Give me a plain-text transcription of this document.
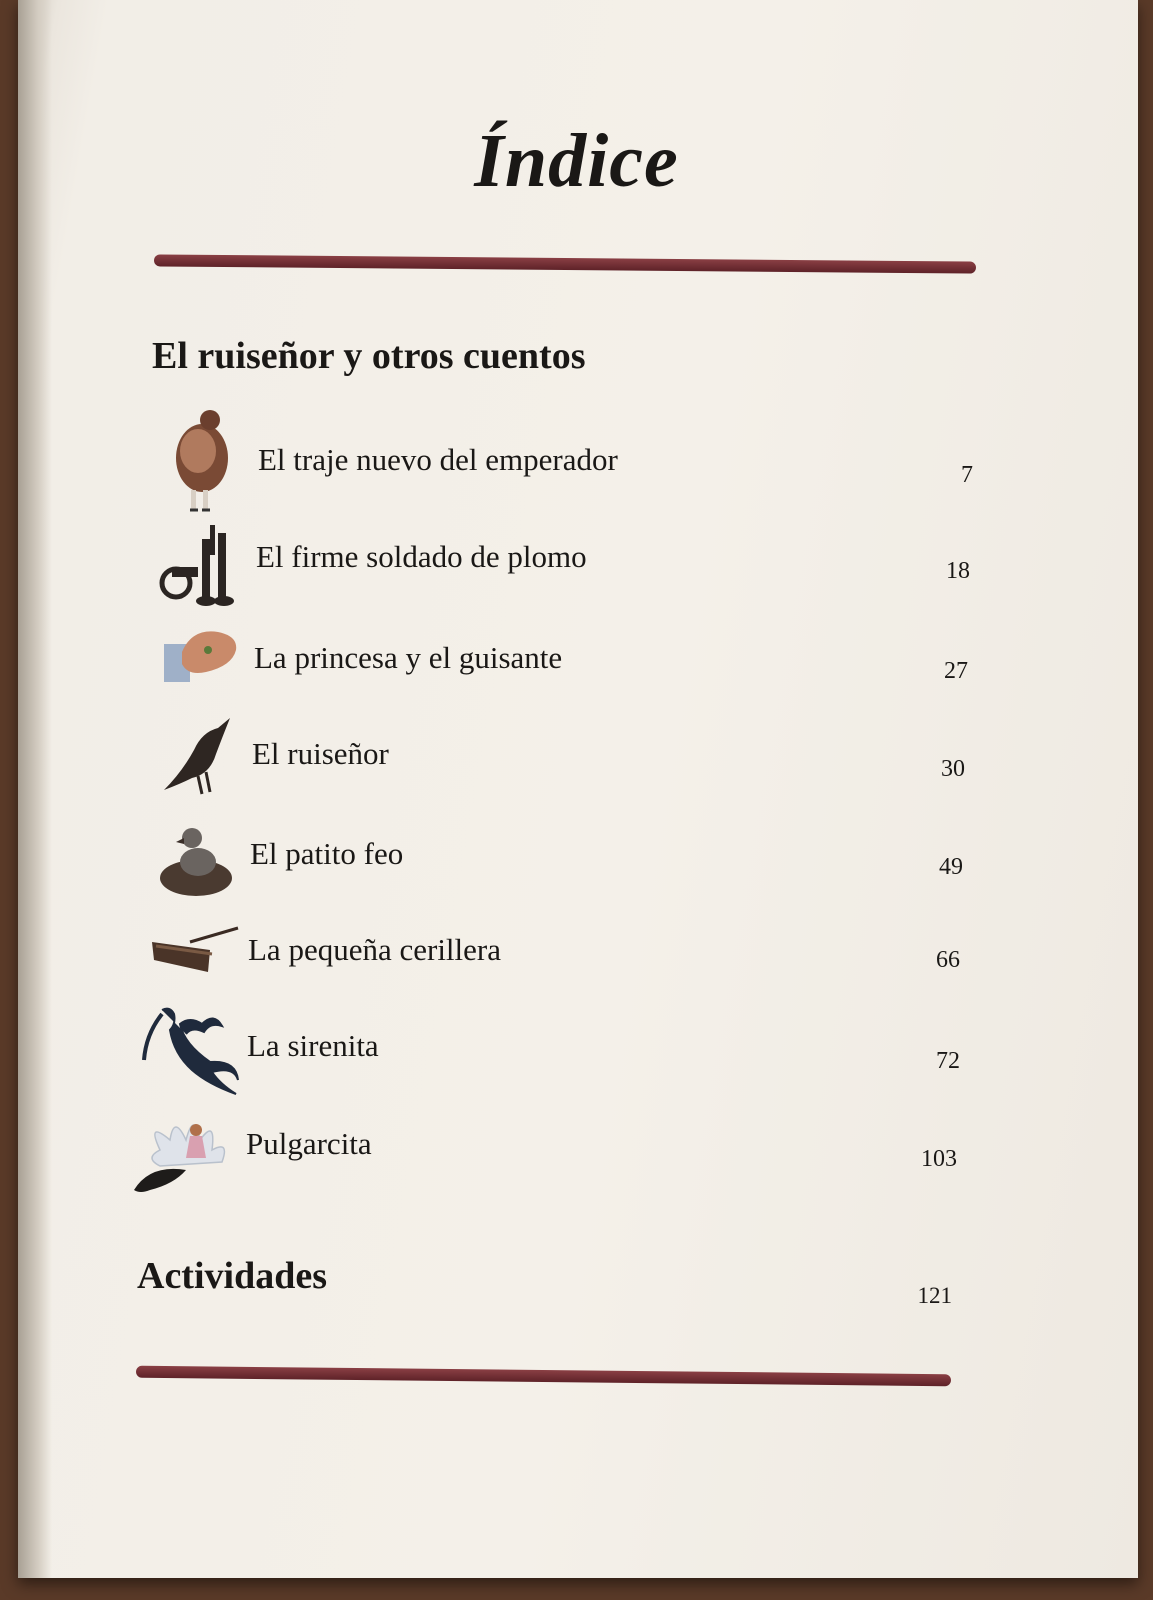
Índice
El ruiseñor y otros cuentos
El traje nuevo del emperador	7
El firme soldado de plomo	18
La princesa y el guisante	27
El ruiseñor	30
El patito feo	49
La pequeña cerillera	66
La sirenita	72
Pulgarcita	103
Actividades	121
